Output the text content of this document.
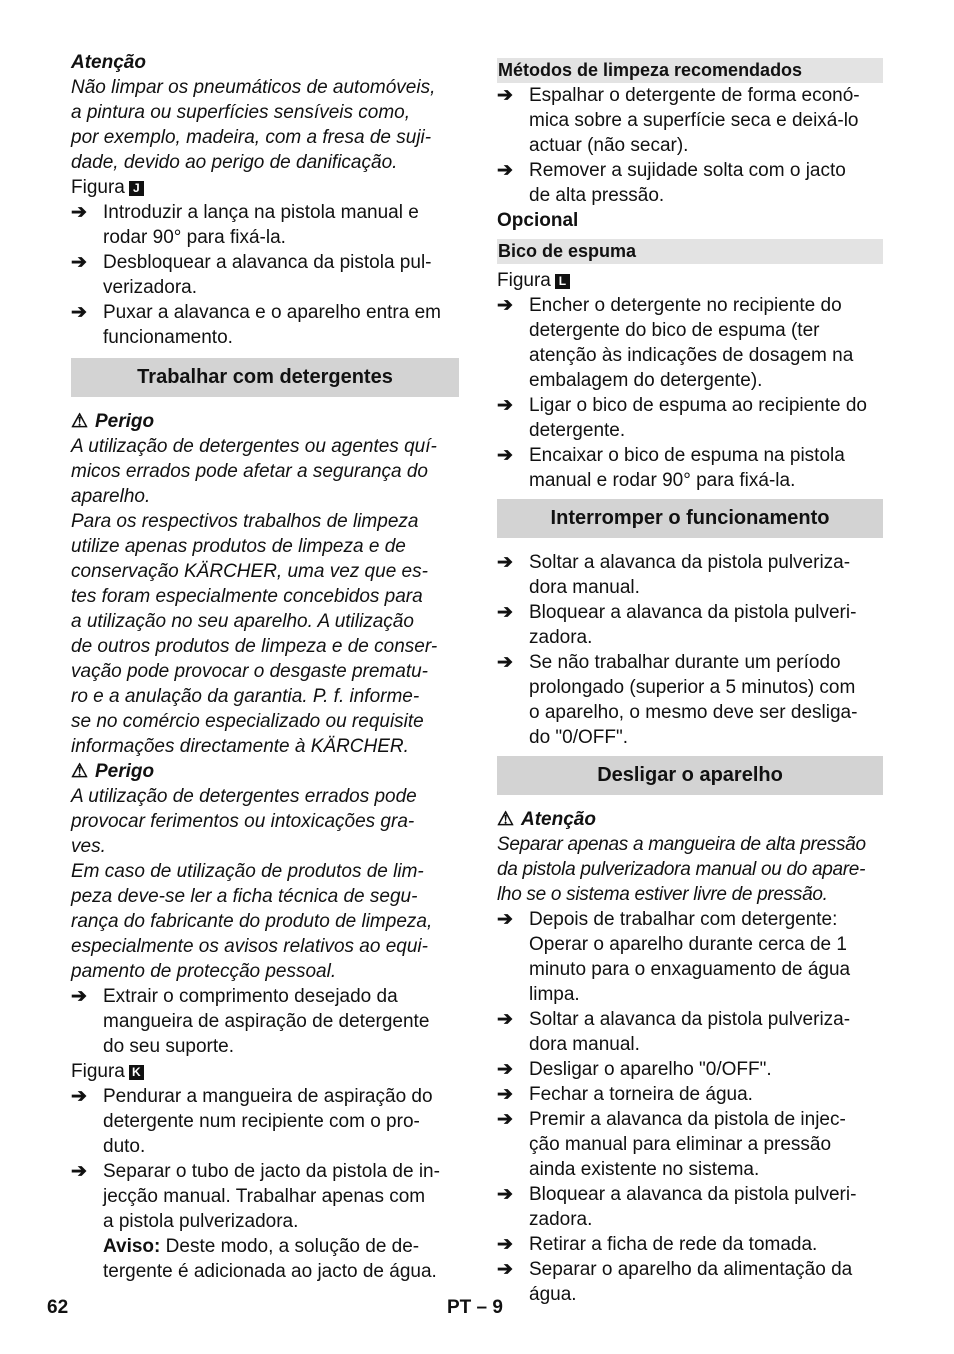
Atenção
Não limpar os pneumáticos de automóveis,
a pintura ou superfícies sensíveis como,
por exemplo, madeira, com a fresa de suji-
dade, devido ao perigo de danificação.
Figura J
➔ Introduzir a lança na pistola manual e
rodar 90° para fixá-la.
➔ Desbloquear a alavanca da pistola pul-
verizadora.
➔ Puxar a alavanca e o aparelho entra em
funcionamento.
Trabalhar com detergentes
⚠ Perigo
A utilização de detergentes ou agentes quí-
micos errados pode afetar a segurança do
aparelho.
Para os respectivos trabalhos de limpeza
utilize apenas produtos de limpeza e de
conservação KÄRCHER, uma vez que es-
tes foram especialmente concebidos para
a utilização no seu aparelho. A utilização
de outros produtos de limpeza e de conser-
vação pode provocar o desgaste prematu-
ro e a anulação da garantia. P. f. informe-
se no comércio especializado ou requisite
informações directamente à KÄRCHER.
⚠ Perigo
A utilização de detergentes errados pode
provocar ferimentos ou intoxicações gra-
ves.
Em caso de utilização de produtos de lim-
peza deve-se ler a ficha técnica de segu-
rança do fabricante do produto de limpeza,
especialmente os avisos relativos ao equi-
pamento de protecção pessoal.
➔ Extrair o comprimento desejado da
mangueira de aspiração de detergente
do seu suporte.
Figura K
➔ Pendurar a mangueira de aspiração do
detergente num recipiente com o pro-
duto.
➔ Separar o tubo de jacto da pistola de in-
jecção manual. Trabalhar apenas com
a pistola pulverizadora.
Aviso: Deste modo, a solução de de-
tergente é adicionada ao jacto de água.
Métodos de limpeza recomendados
➔ Espalhar o detergente de forma econó-
mica sobre a superfície seca e deixá-lo
actuar (não secar).
➔ Remover a sujidade solta com o jacto
de alta pressão.
Opcional
Bico de espuma
Figura L
➔ Encher o detergente no recipiente do
detergente do bico de espuma (ter
atenção às indicações de dosagem na
embalagem do detergente).
➔ Ligar o bico de espuma ao recipiente do
detergente.
➔ Encaixar o bico de espuma na pistola
manual e rodar 90° para fixá-la.
Interromper o funcionamento
➔ Soltar a alavanca da pistola pulveriza-
dora manual.
➔ Bloquear a alavanca da pistola pulveri-
zadora.
➔ Se não trabalhar durante um período
prolongado (superior a 5 minutos) com
o aparelho, o mesmo deve ser desliga-
do "0/OFF".
Desligar o aparelho
⚠ Atenção
Separar apenas a mangueira de alta pressão
da pistola pulverizadora manual ou do apare-
lho se o sistema estiver livre de pressão.
➔ Depois de trabalhar com detergente:
Operar o aparelho durante cerca de 1
minuto para o enxaguamento de água
limpa.
➔ Soltar a alavanca da pistola pulveriza-
dora manual.
➔ Desligar o aparelho "0/OFF".
➔ Fechar a torneira de água.
➔ Premir a alavanca da pistola de injec-
ção manual para eliminar a pressão
ainda existente no sistema.
➔ Bloquear a alavanca da pistola pulveri-
zadora.
➔ Retirar a ficha de rede da tomada.
➔ Separar o aparelho da alimentação da
água.
62	PT – 9
